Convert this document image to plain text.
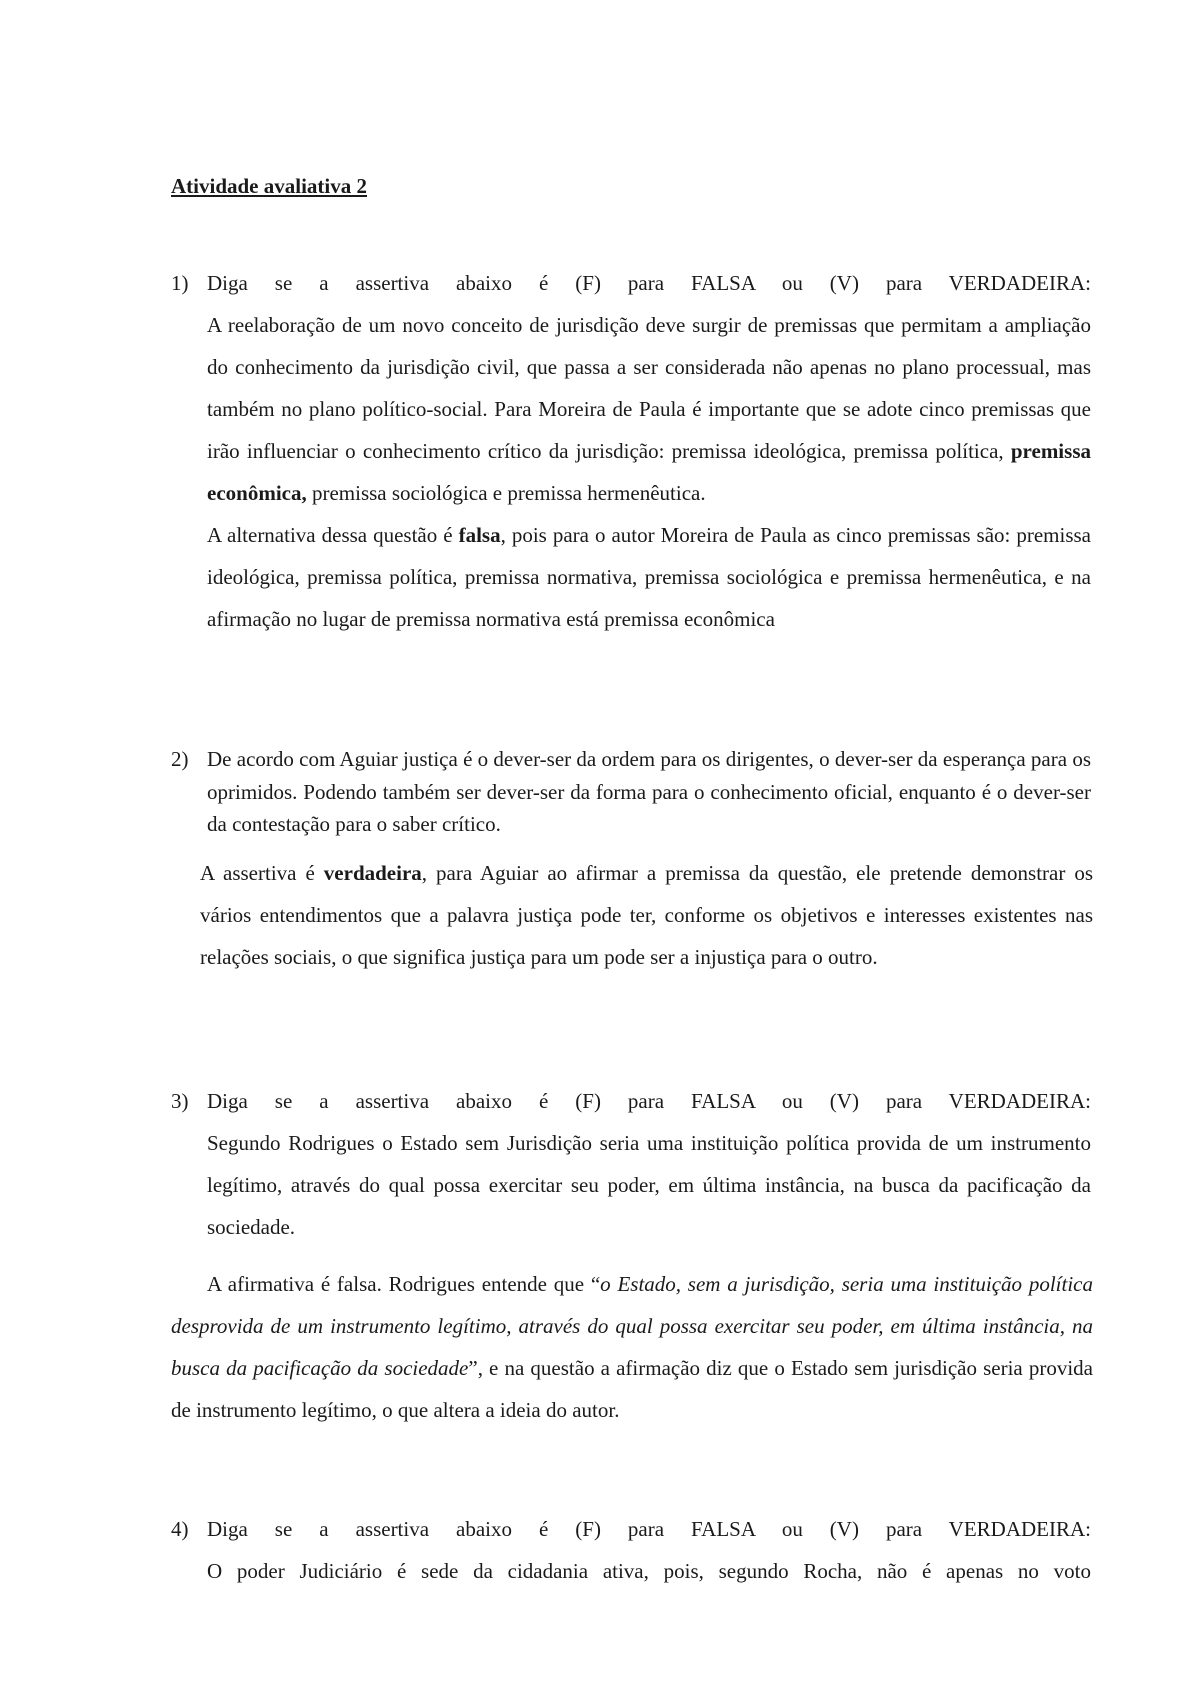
Atividade avaliativa 2
1) Diga se a assertiva abaixo é (F) para FALSA ou (V) para VERDADEIRA:
A reelaboração de um novo conceito de jurisdição deve surgir de premissas que permitam a ampliação do conhecimento da jurisdição civil, que passa a ser considerada não apenas no plano processual, mas também no plano político-social. Para Moreira de Paula é importante que se adote cinco premissas que irão influenciar o conhecimento crítico da jurisdição: premissa ideológica, premissa política, premissa econômica, premissa sociológica e premissa hermenêutica.
A alternativa dessa questão é falsa, pois para o autor Moreira de Paula as cinco premissas são: premissa ideológica, premissa política, premissa normativa, premissa sociológica e premissa hermenêutica, e na afirmação no lugar de premissa normativa está premissa econômica
2) De acordo com Aguiar justiça é o dever-ser da ordem para os dirigentes, o dever-ser da esperança para os oprimidos. Podendo também ser dever-ser da forma para o conhecimento oficial, enquanto é o dever-ser da contestação para o saber crítico.
A assertiva é verdadeira, para Aguiar ao afirmar a premissa da questão, ele pretende demonstrar os vários entendimentos que a palavra justiça pode ter, conforme os objetivos e interesses existentes nas relações sociais, o que significa justiça para um pode ser a injustiça para o outro.
3) Diga se a assertiva abaixo é (F) para FALSA ou (V) para VERDADEIRA:
Segundo Rodrigues o Estado sem Jurisdição seria uma instituição política provida de um instrumento legítimo, através do qual possa exercitar seu poder, em última instância, na busca da pacificação da sociedade.
A afirmativa é falsa. Rodrigues entende que “o Estado, sem a jurisdição, seria uma instituição política desprovida de um instrumento legítimo, através do qual possa exercitar seu poder, em última instância, na busca da pacificação da sociedade”, e na questão a afirmação diz que o Estado sem jurisdição seria provida de instrumento legítimo, o que altera a ideia do autor.
4) Diga se a assertiva abaixo é (F) para FALSA ou (V) para VERDADEIRA:
O poder Judiciário é sede da cidadania ativa, pois, segundo Rocha, não é apenas no voto
